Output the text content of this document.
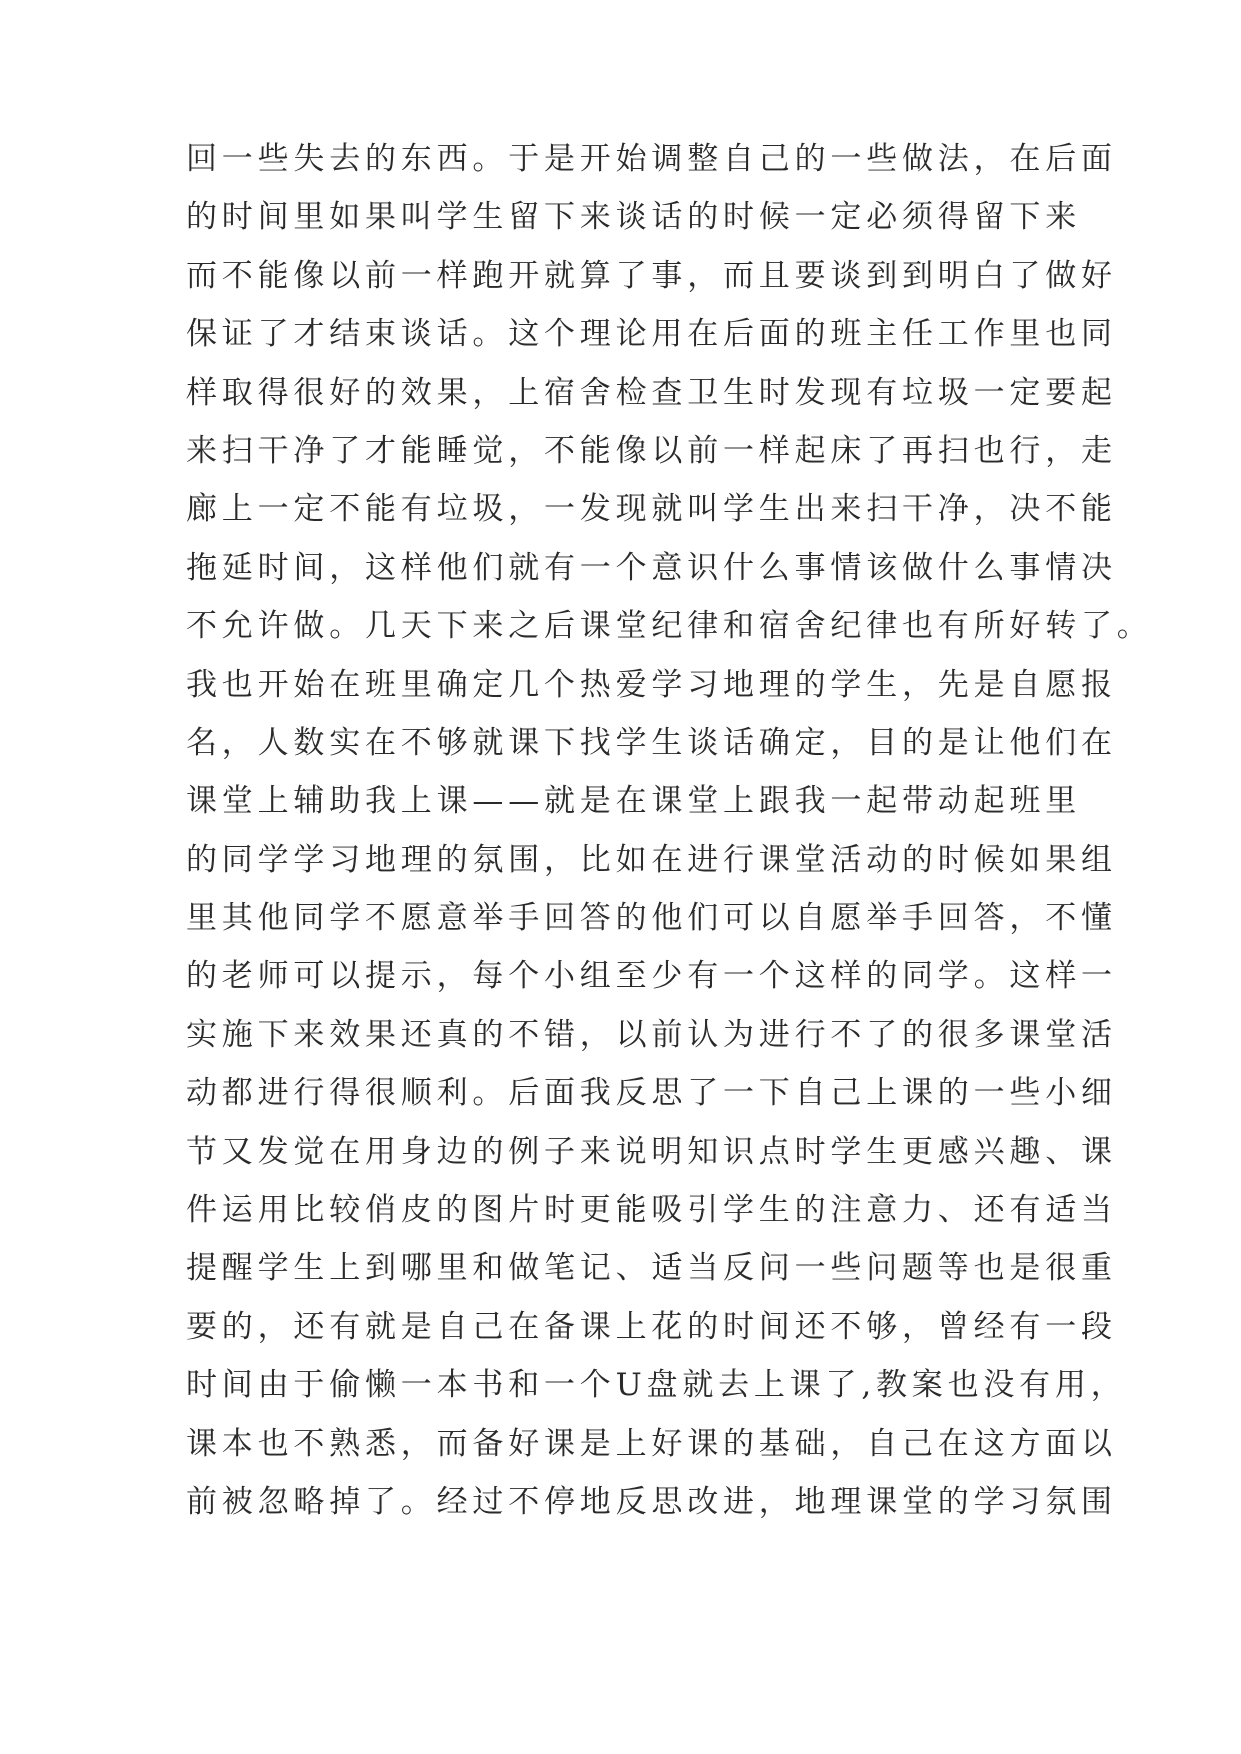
回一些失去的东西。于是开始调整自己的一些做法，在后面
的时间里如果叫学生留下来谈话的时候一定必须得留下来
而不能像以前一样跑开就算了事，而且要谈到到明白了做好
保证了才结束谈话。这个理论用在后面的班主任工作里也同
样取得很好的效果，上宿舍检查卫生时发现有垃圾一定要起
来扫干净了才能睡觉，不能像以前一样起床了再扫也行，走
廊上一定不能有垃圾，一发现就叫学生出来扫干净，决不能
拖延时间，这样他们就有一个意识什么事情该做什么事情决
不允许做。几天下来之后课堂纪律和宿舍纪律也有所好转了。
我也开始在班里确定几个热爱学习地理的学生，先是自愿报
名，人数实在不够就课下找学生谈话确定，目的是让他们在
课堂上辅助我上课——就是在课堂上跟我一起带动起班里
的同学学习地理的氛围，比如在进行课堂活动的时候如果组
里其他同学不愿意举手回答的他们可以自愿举手回答，不懂
的老师可以提示，每个小组至少有一个这样的同学。这样一
实施下来效果还真的不错，以前认为进行不了的很多课堂活
动都进行得很顺利。后面我反思了一下自己上课的一些小细
节又发觉在用身边的例子来说明知识点时学生更感兴趣、课
件运用比较俏皮的图片时更能吸引学生的注意力、还有适当
提醒学生上到哪里和做笔记、适当反问一些问题等也是很重
要的，还有就是自己在备课上花的时间还不够，曾经有一段
时间由于偷懒一本书和一个U盘就去上课了,教案也没有用，
课本也不熟悉，而备好课是上好课的基础，自己在这方面以
前被忽略掉了。经过不停地反思改进，地理课堂的学习氛围
